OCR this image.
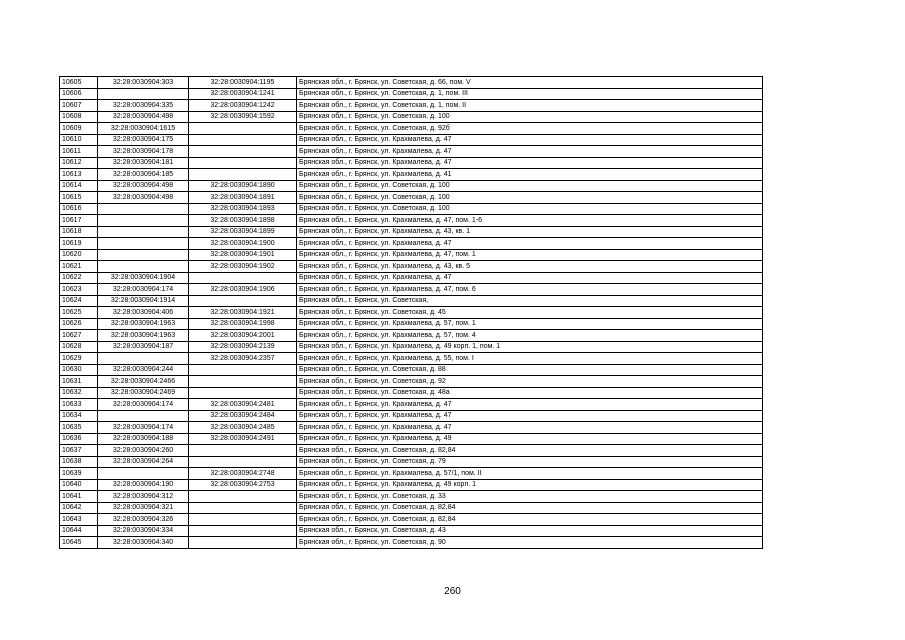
10605	32:28:0030904:303	32:28:0030904:1195	Брянская обл., г. Брянск, ул. Советская, д. 66, пом. V
10606		32:28:0030904:1241	Брянская обл., г. Брянск, ул. Советская, д. 1, пом. III
10607	32:28:0030904:335	32:28:0030904:1242	Брянская обл., г. Брянск, ул. Советская, д. 1, пом. II
10608	32:28:0030904:498	32:28:0030904:1592	Брянская обл., г. Брянск, ул. Советская, д. 100
10609	32:28:0030904:1615		Брянская обл., г. Брянск, ул. Советская, д. 92б
10610	32:28:0030904:175		Брянская обл., г. Брянск, ул. Крахмалева, д. 47
10611	32:28:0030904:178		Брянская обл., г. Брянск, ул. Крахмалева, д. 47
10612	32:28:0030904:181		Брянская обл., г. Брянск, ул. Крахмалева, д. 47
10613	32:28:0030904:185		Брянская обл., г. Брянск, ул. Крахмалева, д. 41
10614	32:28:0030904:498	32:28:0030904:1890	Брянская обл., г. Брянск, ул. Советская, д. 100
10615	32:28:0030904:498	32:28:0030904:1891	Брянская обл., г. Брянск, ул. Советская, д. 100
10616		32:28:0030904:1893	Брянская обл., г. Брянск, ул. Советская, д. 100
10617		32:28:0030904:1898	Брянская обл., г. Брянск, ул. Крахмалева, д. 47, пом. 1-6
10618		32:28:0030904:1899	Брянская обл., г. Брянск, ул. Крахмалева, д. 43, кв. 1
10619		32:28:0030904:1900	Брянская обл., г. Брянск, ул. Крахмалева, д. 47
10620		32:28:0030904:1901	Брянская обл., г. Брянск, ул. Крахмалева, д. 47, пом. 1
10621		32:28:0030904:1902	Брянская обл., г. Брянск, ул. Крахмалева, д. 43, кв. 5
10622	32:28:0030904:1904		Брянская обл., г. Брянск, ул. Крахмалева, д. 47
10623	32:28:0030904:174	32:28:0030904:1906	Брянская обл., г. Брянск, ул. Крахмалева, д. 47, пом. 6
10624	32:28:0030904:1914		Брянская обл., г. Брянск, ул. Советская,
10625	32:28:0030904:406	32:28:0030904:1921	Брянская обл., г. Брянск, ул. Советская, д. 45
10626	32:28:0030904:1963	32:28:0030904:1998	Брянская обл., г. Брянск, ул. Крахмалева, д. 57, пом. 1
10627	32:28:0030904:1963	32:28:0030904:2001	Брянская обл., г. Брянск, ул. Крахмалева, д. 57, пом. 4
10628	32:28:0030904:187	32:28:0030904:2139	Брянская обл., г. Брянск, ул. Крахмалева, д. 49 корп. 1, пом. 1
10629		32:28:0030904:2357	Брянская обл., г. Брянск, ул. Крахмалева, д. 55, пом. I
10630	32:28:0030904:244		Брянская обл., г. Брянск, ул. Советская, д. 88
10631	32:28:0030904:2466		Брянская обл., г. Брянск, ул. Советская, д. 92
10632	32:28:0030904:2469		Брянская обл., г. Брянск, ул. Советская, д. 48а
10633	32:28:0030904:174	32:28:0030904:2481	Брянская обл., г. Брянск, ул. Крахмалева, д. 47
10634		32:28:0030904:2484	Брянская обл., г. Брянск, ул. Крахмалева, д. 47
10635	32:28:0030904:174	32:28:0030904:2485	Брянская обл., г. Брянск, ул. Крахмалева, д. 47
10636	32:28:0030904:188	32:28:0030904:2491	Брянская обл., г. Брянск, ул. Крахмалева, д. 49
10637	32:28:0030904:260		Брянская обл., г. Брянск, ул. Советская, д. 82,84
10638	32:28:0030904:264		Брянская обл., г. Брянск, ул. Советская, д. 79
10639		32:28:0030904:2748	Брянская обл., г. Брянск, ул. Крахмалева, д. 57/1, пом. II
10640	32:28:0030904:190	32:28:0030904:2753	Брянская обл., г. Брянск, ул. Крахмалева, д. 49 корп. 1
10641	32:28:0030904:312		Брянская обл., г. Брянск, ул. Советская, д. 33
10642	32:28:0030904:321		Брянская обл., г. Брянск, ул. Советская, д. 82,84
10643	32:28:0030904:326		Брянская обл., г. Брянск, ул. Советская, д. 82,84
10644	32:28:0030904:334		Брянская обл., г. Брянск, ул. Советская, д. 43
10645	32:28:0030904:340		Брянская обл., г. Брянск, ул. Советская, д. 90
260
